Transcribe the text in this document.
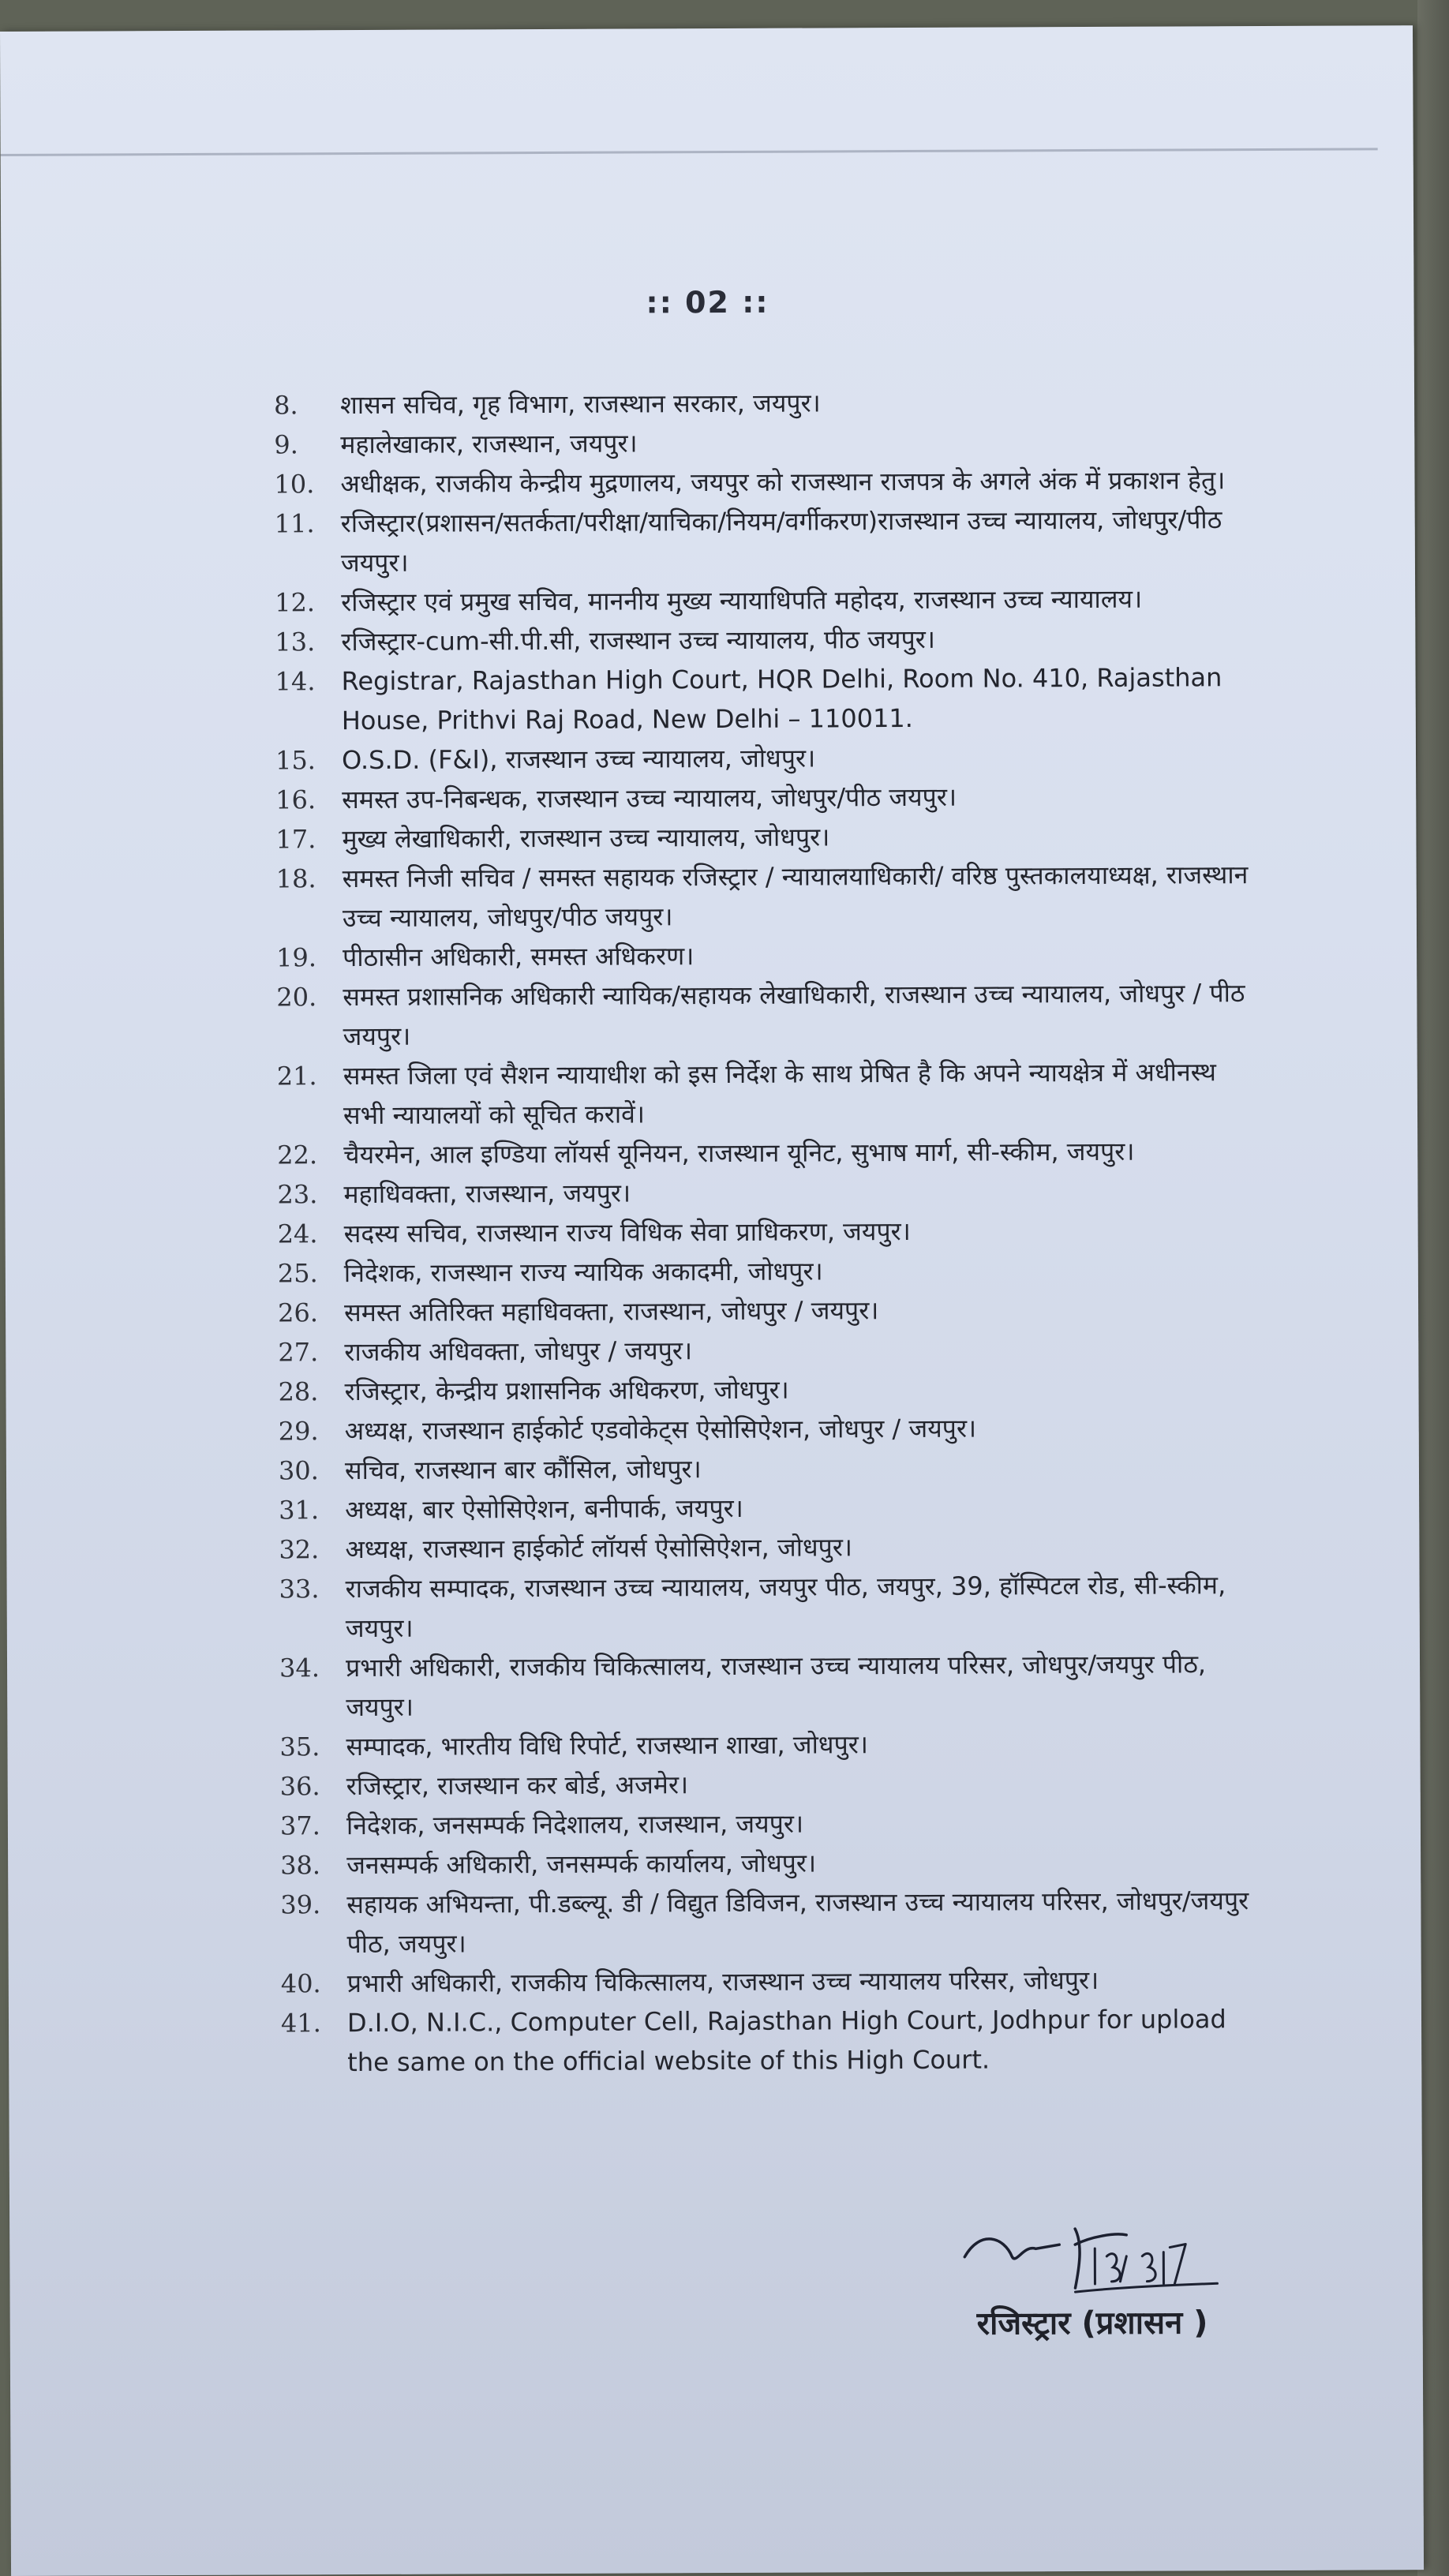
:: 02 ::
8.	शासन सचिव, गृह विभाग, राजस्थान सरकार, जयपुर।
9.	महालेखाकार, राजस्थान, जयपुर।
10.	अधीक्षक, राजकीय केन्द्रीय मुद्रणालय, जयपुर को राजस्थान राजपत्र के अगले अंक में प्रकाशन हेतु।
11.	रजिस्ट्रार(प्रशासन/सतर्कता/परीक्षा/याचिका/नियम/वर्गीकरण)राजस्थान उच्च न्यायालय, जोधपुर/पीठ जयपुर।
12.	रजिस्ट्रार एवं प्रमुख सचिव, माननीय मुख्य न्यायाधिपति महोदय, राजस्थान उच्च न्यायालय।
13.	रजिस्ट्रार-cum-सी.पी.सी, राजस्थान उच्च न्यायालय, पीठ जयपुर।
14.	Registrar, Rajasthan High Court, HQR Delhi, Room No. 410, Rajasthan House, Prithvi Raj Road, New Delhi – 110011.
15.	O.S.D. (F&I), राजस्थान उच्च न्यायालय, जोधपुर।
16.	समस्त उप-निबन्धक, राजस्थान उच्च न्यायालय, जोधपुर/पीठ जयपुर।
17.	मुख्य लेखाधिकारी, राजस्थान उच्च न्यायालय, जोधपुर।
18.	समस्त निजी सचिव / समस्त सहायक रजिस्ट्रार / न्यायालयाधिकारी/ वरिष्ठ पुस्तकालयाध्यक्ष, राजस्थान उच्च न्यायालय, जोधपुर/पीठ जयपुर।
19.	पीठासीन अधिकारी, समस्त अधिकरण।
20.	समस्त प्रशासनिक अधिकारी न्यायिक/सहायक लेखाधिकारी, राजस्थान उच्च न्यायालय, जोधपुर / पीठ जयपुर।
21.	समस्त जिला एवं सैशन न्यायाधीश को इस निर्देश के साथ प्रेषित है कि अपने न्यायक्षेत्र में अधीनस्थ सभी न्यायालयों को सूचित करावें।
22.	चैयरमेन, आल इण्डिया लॉयर्स यूनियन, राजस्थान यूनिट, सुभाष मार्ग, सी-स्कीम, जयपुर।
23.	महाधिवक्ता, राजस्थान, जयपुर।
24.	सदस्य सचिव, राजस्थान राज्य विधिक सेवा प्राधिकरण, जयपुर।
25.	निदेशक, राजस्थान राज्य न्यायिक अकादमी, जोधपुर।
26.	समस्त अतिरिक्त महाधिवक्ता, राजस्थान, जोधपुर / जयपुर।
27.	राजकीय अधिवक्ता, जोधपुर / जयपुर।
28.	रजिस्ट्रार, केन्द्रीय प्रशासनिक अधिकरण, जोधपुर।
29.	अध्यक्ष, राजस्थान हाईकोर्ट एडवोकेट्स ऐसोसिऐशन, जोधपुर / जयपुर।
30.	सचिव, राजस्थान बार कौंसिल, जोधपुर।
31.	अध्यक्ष, बार ऐसोसिऐशन, बनीपार्क, जयपुर।
32.	अध्यक्ष, राजस्थान हाईकोर्ट लॉयर्स ऐसोसिऐशन, जोधपुर।
33.	राजकीय सम्पादक, राजस्थान उच्च न्यायालय, जयपुर पीठ, जयपुर, 39, हॉस्पिटल रोड, सी-स्कीम, जयपुर।
34.	प्रभारी अधिकारी, राजकीय चिकित्सालय, राजस्थान उच्च न्यायालय परिसर, जोधपुर/जयपुर पीठ, जयपुर।
35.	सम्पादक, भारतीय विधि रिपोर्ट, राजस्थान शाखा, जोधपुर।
36.	रजिस्ट्रार, राजस्थान कर बोर्ड, अजमेर।
37.	निदेशक, जनसम्पर्क निदेशालय, राजस्थान, जयपुर।
38.	जनसम्पर्क अधिकारी, जनसम्पर्क कार्यालय, जोधपुर।
39.	सहायक अभियन्ता, पी.डब्ल्यू. डी / विद्युत डिविजन, राजस्थान उच्च न्यायालय परिसर, जोधपुर/जयपुर पीठ, जयपुर।
40.	प्रभारी अधिकारी, राजकीय चिकित्सालय, राजस्थान उच्च न्यायालय परिसर, जोधपुर।
41.	D.I.O, N.I.C., Computer Cell, Rajasthan High Court, Jodhpur for upload the same on the official website of this High Court.
रजिस्ट्रार (प्रशासन )
